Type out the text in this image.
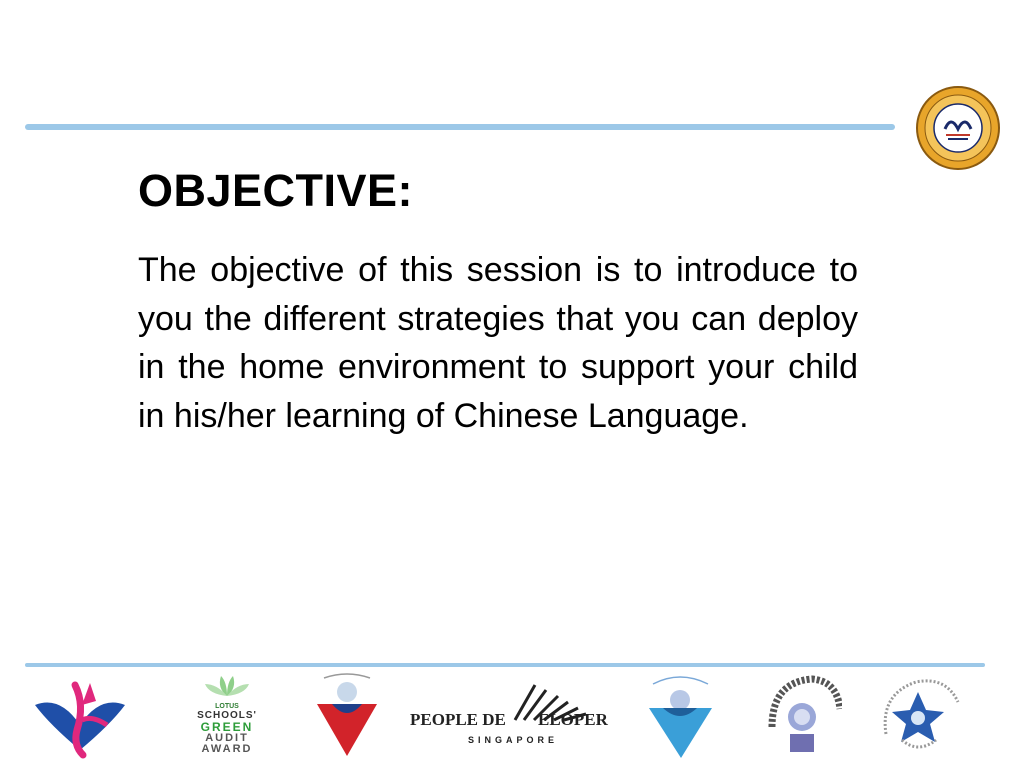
OBJECTIVE:

The objective of this session is to introduce to you the different strategies that you can deploy in the home environment to support your child in his/her learning of Chinese Language.

LOTUS
SCHOOLS'
GREEN
AUDIT
AWARD
PEOPLE DE ELOPER
SINGAPORE
